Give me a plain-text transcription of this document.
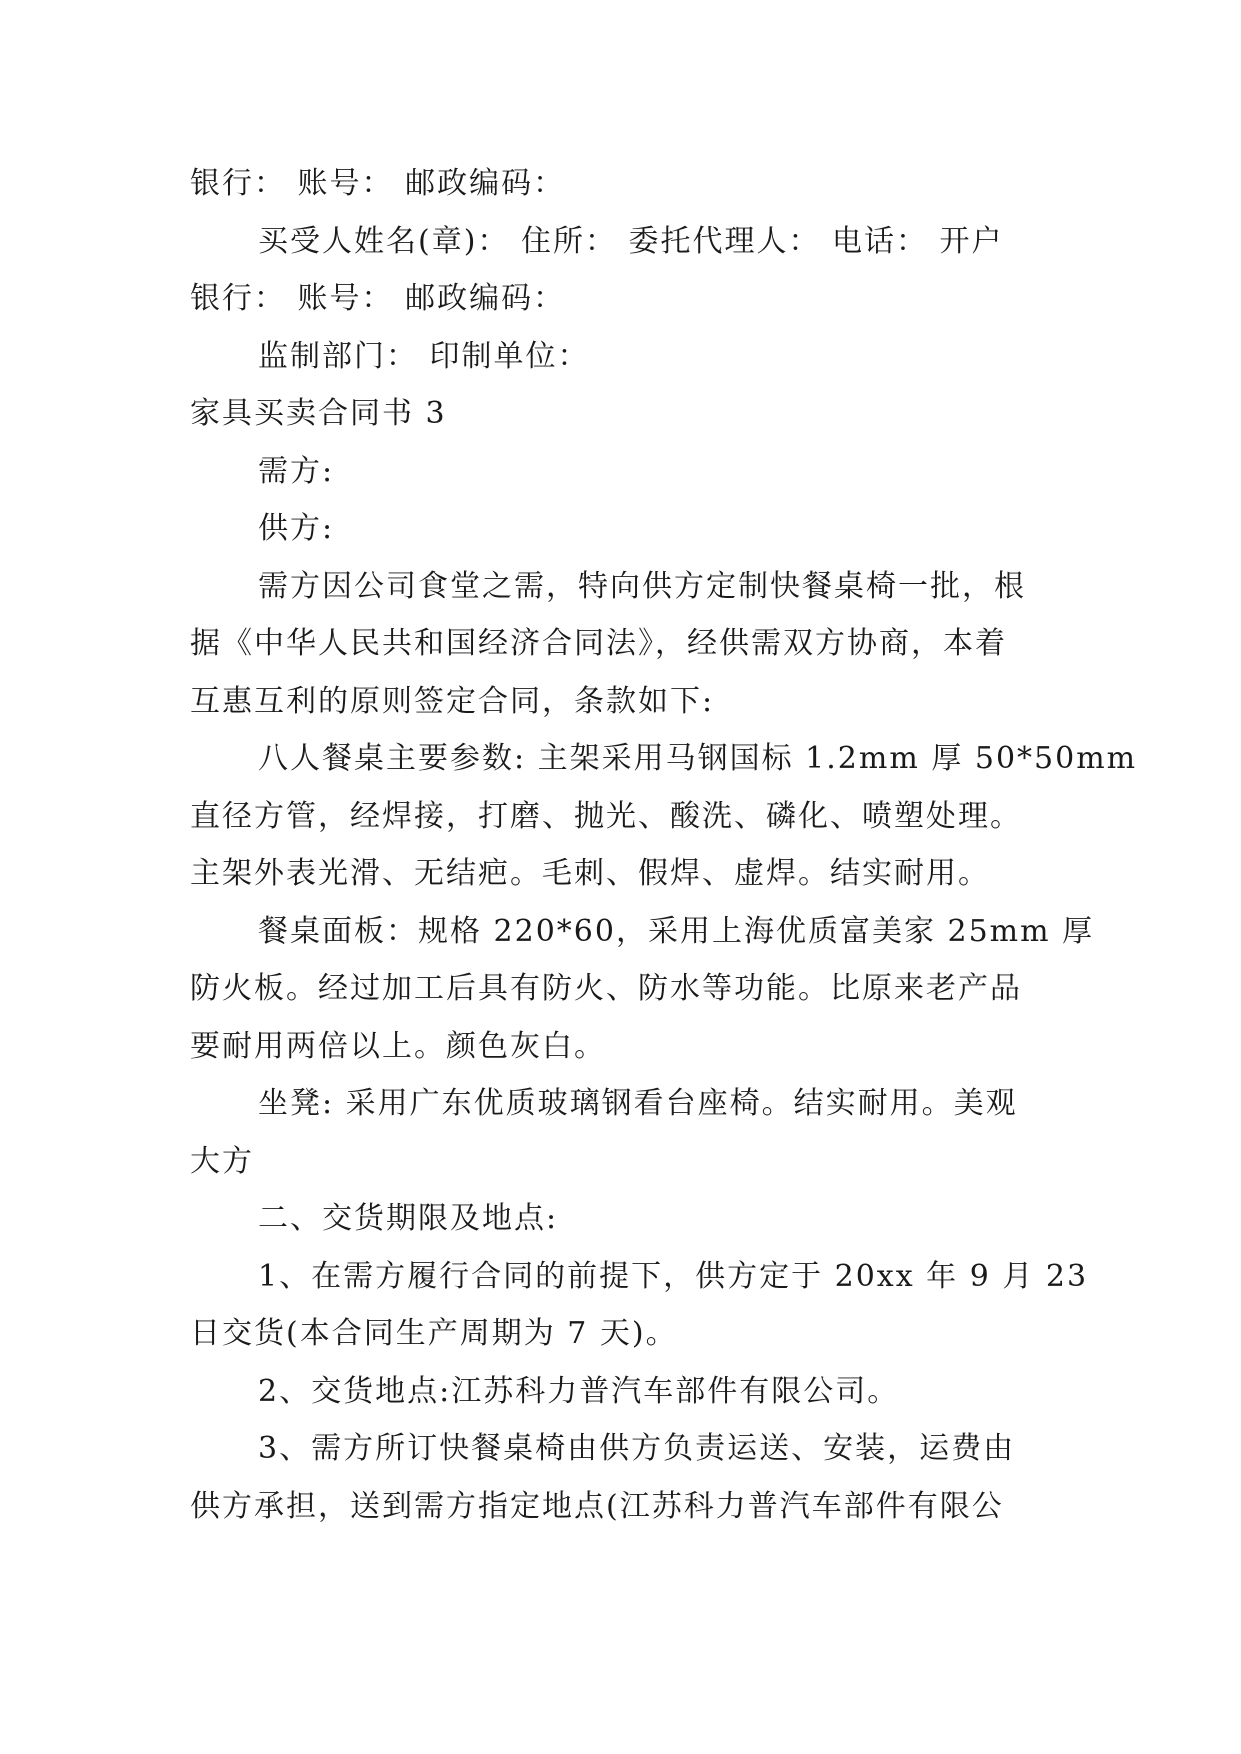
银行： 账号： 邮政编码：
买受人姓名(章)： 住所： 委托代理人： 电话： 开户
银行： 账号： 邮政编码：
监制部门： 印制单位：
家具买卖合同书 3
需方:
供方:
需方因公司食堂之需，特向供方定制快餐桌椅一批，根
据《中华人民共和国经济合同法》，经供需双方协商，本着
互惠互利的原则签定合同，条款如下:
八人餐桌主要参数: 主架采用马钢国标 1.2mm 厚 50*50mm
直径方管，经焊接，打磨、抛光、酸洗、磷化、喷塑处理。
主架外表光滑、无结疤。毛刺、假焊、虚焊。结实耐用。
餐桌面板：规格 220*60，采用上海优质富美家 25mm 厚
防火板。经过加工后具有防火、防水等功能。比原来老产品
要耐用两倍以上。颜色灰白。
坐凳: 采用广东优质玻璃钢看台座椅。结实耐用。美观
大方
二、交货期限及地点:
1、在需方履行合同的前提下，供方定于 20xx 年 9 月 23
日交货(本合同生产周期为 7 天)。
2、交货地点:江苏科力普汽车部件有限公司。
3、需方所订快餐桌椅由供方负责运送、安装，运费由
供方承担，送到需方指定地点(江苏科力普汽车部件有限公
